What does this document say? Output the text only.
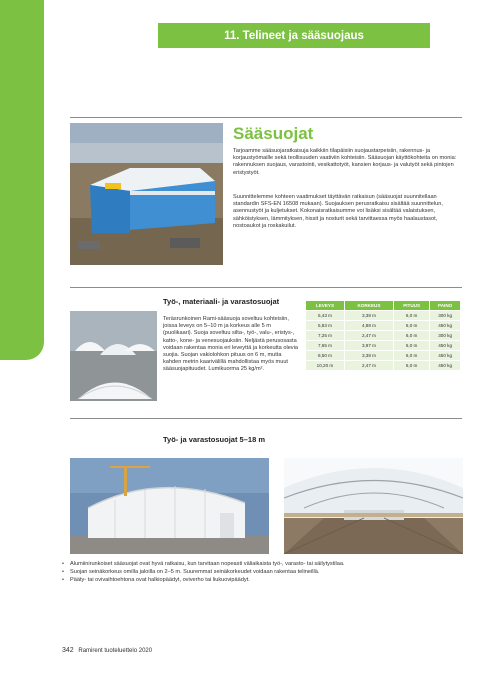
11. Telineet ja sääsuojaus
Sääsuojat

Tarjoamme sääsuojaratkaisuja kaikkiin tilapäisiin suojaustarpeisiin, rakennus- ja korjaustyömaille sekä teollisuuden vaativiin kohteisiin. Sääsuojan käyttökohteita on monia: rakennuksen suojaus, varastointi, vesikattotyöt, kansien korjaus- ja valutyöt sekä pintojen eristystyöt.

Suunnittelemme kohteen vaatimukset täyttävän ratkaisun (sääsuojat suunnitellaan standardin SFS-EN 16508 mukaan). Suojauksen perusratkaisu sisältää suunnittelun, asennustyöt ja kuljetukset. Kokonaisratkaisumme voi lisäksi sisältää valaistuksen, sähköistyksen, lämmityksen, hissit ja nosturit sekä tarvittaessa myös haalaustasot, nostoaukot ja roskakuilut.

Työ-, materiaali- ja varastosuojat

Teräsrunkoinen Rami-sääsuoja soveltuu kohteisiin, joissa leveys on 5–10 m ja korkeus alle 5 m (puolikaari). Suoja soveltuu silta-, työ-, valu-, eristys-, katto-, kone- ja venesuojauksiin. Neljästä perusosasta voidaan rakentaa monia eri leveyttä ja korkeutta olevia suojia. Suojan vakiolohkon pituus on 6 m, mutta kahden metrin kaarivälillä mahdollistaa myös muut sääsuojapituudet. Lumikuorma 25 kg/m².

LEVEYS	KORKEUS	PITUUS	PAINO
5,43 m	3,38 m	6,0 m	300 kg
5,83 m	4,88 m	6,0 m	450 kg
7,25 m	2,47 m	6,0 m	300 kg
7,65 m	3,97 m	6,0 m	450 kg
8,50 m	3,38 m	6,0 m	450 kg
10,20 m	2,47 m	6,0 m	450 kg
Työ- ja varastosuojat 5–18 m
• Alumiinirunkoiset sääsuojat ovat hyvä ratkaisu, kun tarvitaan nopeasti väliaikaista työ-, varasto- tai säilytystilaa.
• Suojan seinäkorkeus omilla jaloilla on 2–5 m. Suuremmat seinäkorkeudet voidaan rakentaa telineillä.
• Pääty- tai ovivaihtoehtona ovat halkiopäädyt, oviverho tai liukuovipäädyt.
342 Ramirent tuoteluettelo 2020
